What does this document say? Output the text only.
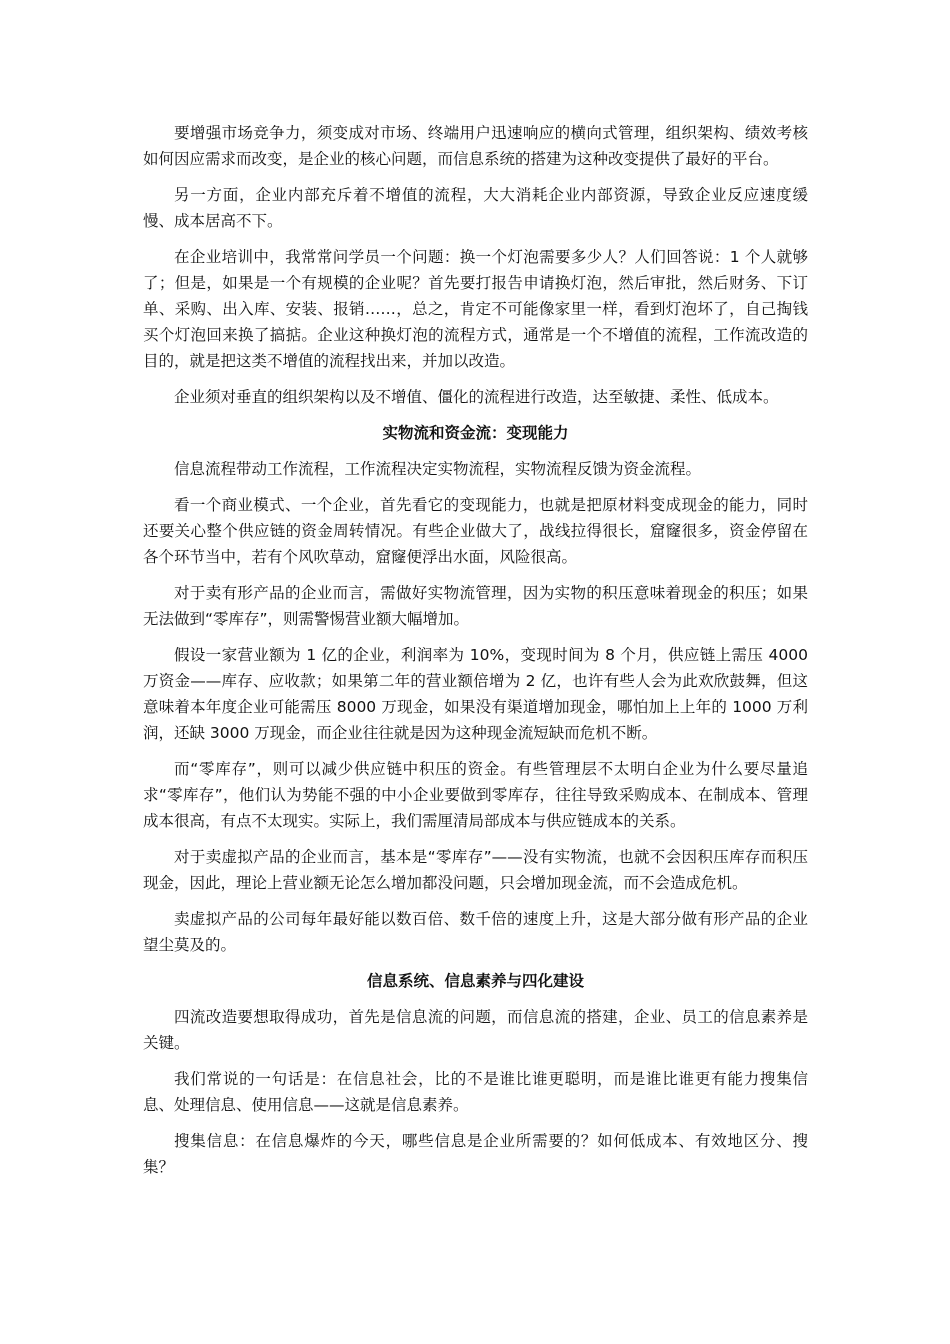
要增强市场竞争力，须变成对市场、终端用户迅速响应的横向式管理，组织架构、绩效考核如何因应需求而改变，是企业的核心问题，而信息系统的搭建为这种改变提供了最好的平台。

另一方面，企业内部充斥着不增值的流程，大大消耗企业内部资源，导致企业反应速度缓慢、成本居高不下。

在企业培训中，我常常问学员一个问题：换一个灯泡需要多少人？人们回答说：1 个人就够了；但是，如果是一个有规模的企业呢？首先要打报告申请换灯泡，然后审批，然后财务、下订单、采购、出入库、安装、报销……，总之，肯定不可能像家里一样，看到灯泡坏了，自己掏钱买个灯泡回来换了搞掂。企业这种换灯泡的流程方式，通常是一个不增值的流程，工作流改造的目的，就是把这类不增值的流程找出来，并加以改造。

企业须对垂直的组织架构以及不增值、僵化的流程进行改造，达至敏捷、柔性、低成本。

实物流和资金流：变现能力

信息流程带动工作流程，工作流程决定实物流程，实物流程反馈为资金流程。

看一个商业模式、一个企业，首先看它的变现能力，也就是把原材料变成现金的能力，同时还要关心整个供应链的资金周转情况。有些企业做大了，战线拉得很长，窟窿很多，资金停留在各个环节当中，若有个风吹草动，窟窿便浮出水面，风险很高。

对于卖有形产品的企业而言，需做好实物流管理，因为实物的积压意味着现金的积压；如果无法做到“零库存”，则需警惕营业额大幅增加。

假设一家营业额为 1 亿的企业，利润率为 10%，变现时间为 8 个月，供应链上需压 4000 万资金——库存、应收款；如果第二年的营业额倍增为 2 亿，也许有些人会为此欢欣鼓舞，但这意味着本年度企业可能需压 8000 万现金，如果没有渠道增加现金，哪怕加上上年的 1000 万利润，还缺 3000 万现金，而企业往往就是因为这种现金流短缺而危机不断。

而“零库存”，则可以减少供应链中积压的资金。有些管理层不太明白企业为什么要尽量追求“零库存”，他们认为势能不强的中小企业要做到零库存，往往导致采购成本、在制成本、管理成本很高，有点不太现实。实际上，我们需厘清局部成本与供应链成本的关系。

对于卖虚拟产品的企业而言，基本是“零库存”——没有实物流，也就不会因积压库存而积压现金，因此，理论上营业额无论怎么增加都没问题，只会增加现金流，而不会造成危机。

卖虚拟产品的公司每年最好能以数百倍、数千倍的速度上升，这是大部分做有形产品的企业望尘莫及的。

信息系统、信息素养与四化建设

四流改造要想取得成功，首先是信息流的问题，而信息流的搭建，企业、员工的信息素养是关键。

我们常说的一句话是：在信息社会，比的不是谁比谁更聪明，而是谁比谁更有能力搜集信息、处理信息、使用信息——这就是信息素养。

搜集信息：在信息爆炸的今天，哪些信息是企业所需要的？如何低成本、有效地区分、搜集？
